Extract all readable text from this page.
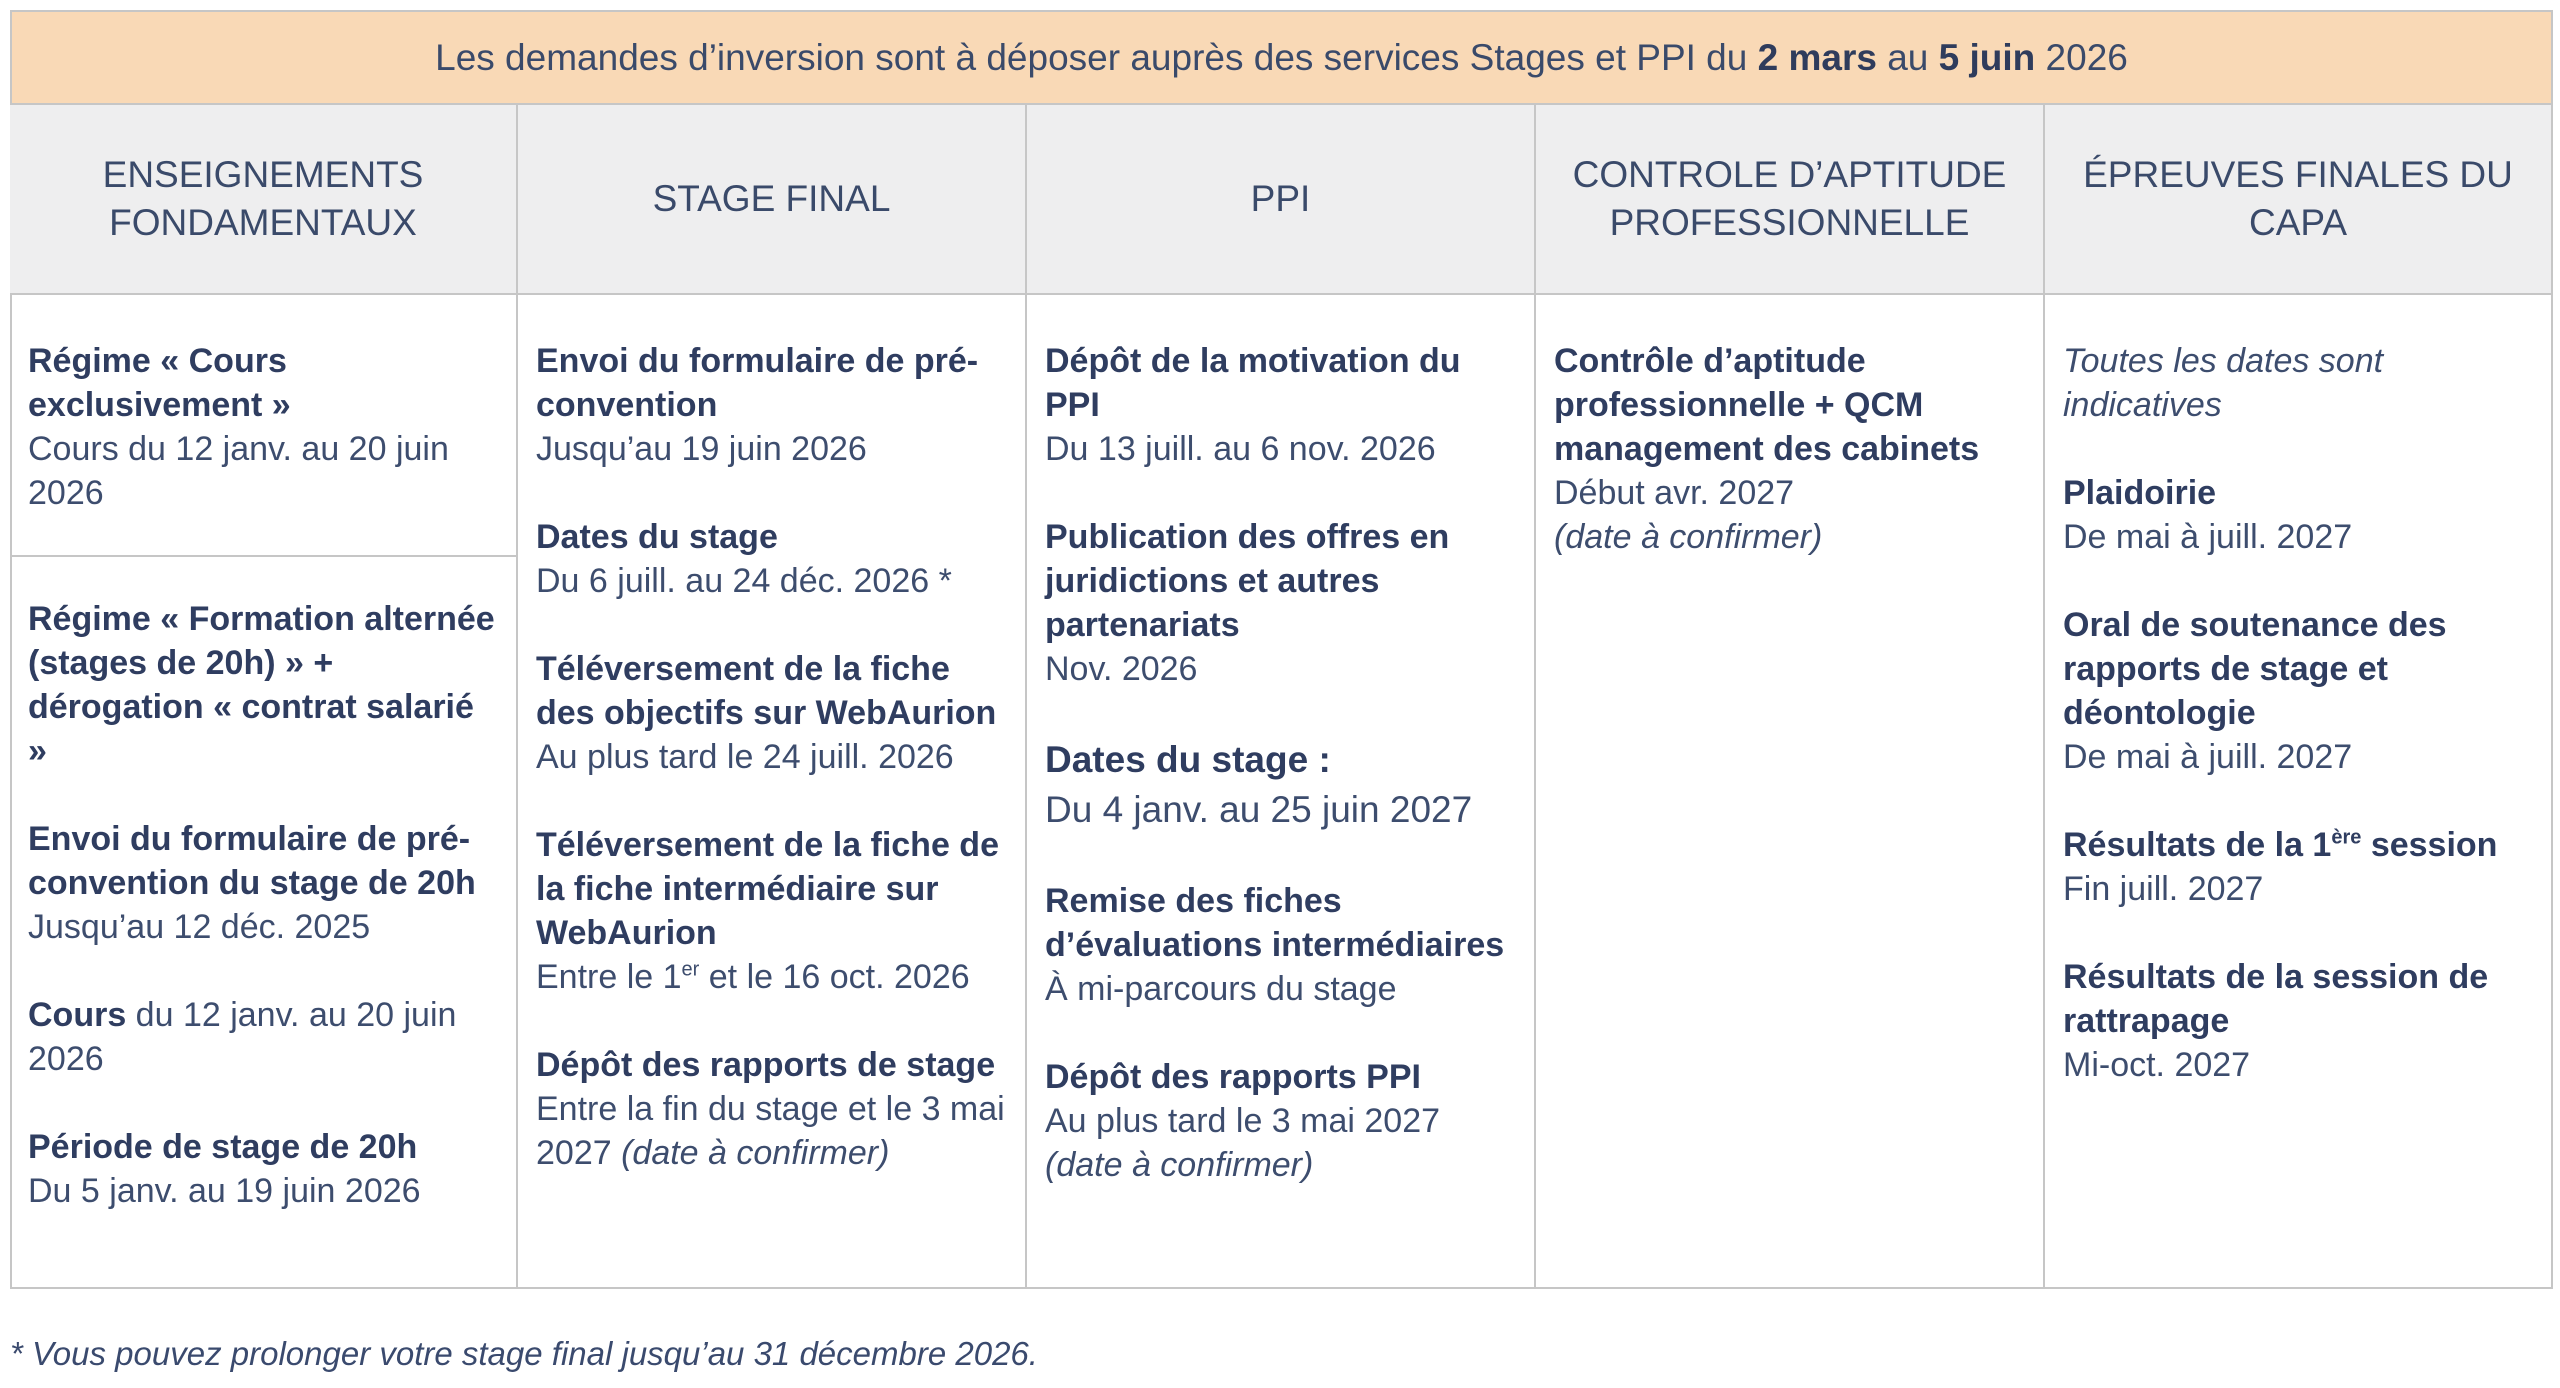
Les demandes d’inversion sont à déposer auprès des services Stages et PPI du 2 mars au 5 juin 2026
ENSEIGNEMENTS
FONDAMENTAUX
Régime « Cours exclusivement »
Cours du 12 janv. au 20 juin 2026
Régime « Formation alternée (stages de 20h) » + dérogation « contrat salarié »
Envoi du formulaire de pré-convention du stage de 20h
Jusqu’au 12 déc. 2025
Cours du 12 janv. au 20 juin 2026
Période de stage de 20h
Du 5 janv. au 19 juin 2026
STAGE FINAL
Envoi du formulaire de pré-convention
Jusqu’au 19 juin 2026
Dates du stage
Du 6 juill. au 24 déc. 2026 *
Téléversement de la fiche des objectifs sur WebAurion
Au plus tard le 24 juill. 2026
Téléversement de la fiche de la fiche intermédiaire sur WebAurion
Entre le 1er et le 16 oct. 2026
Dépôt des rapports de stage
Entre la fin du stage et le 3 mai 2027 (date à confirmer)
PPI
Dépôt de la motivation du PPI
Du 13 juill. au 6 nov. 2026
Publication des offres en juridictions et autres partenariats
Nov. 2026
Dates du stage :
Du 4 janv. au 25 juin 2027
Remise des fiches d’évaluations intermédiaires
À mi-parcours du stage
Dépôt des rapports PPI
Au plus tard le 3 mai 2027
(date à confirmer)
CONTROLE D’APTITUDE
PROFESSIONNELLE
Contrôle d’aptitude professionnelle + QCM management des cabinets
Début avr. 2027
(date à confirmer)
ÉPREUVES FINALES DU
CAPA
Toutes les dates sont indicatives
Plaidoirie
De mai à juill. 2027
Oral de soutenance des rapports de stage et déontologie
De mai à juill. 2027
Résultats de la 1ère session
Fin juill. 2027
Résultats de la session de rattrapage
Mi-oct. 2027
* Vous pouvez prolonger votre stage final jusqu’au 31 décembre 2026.
